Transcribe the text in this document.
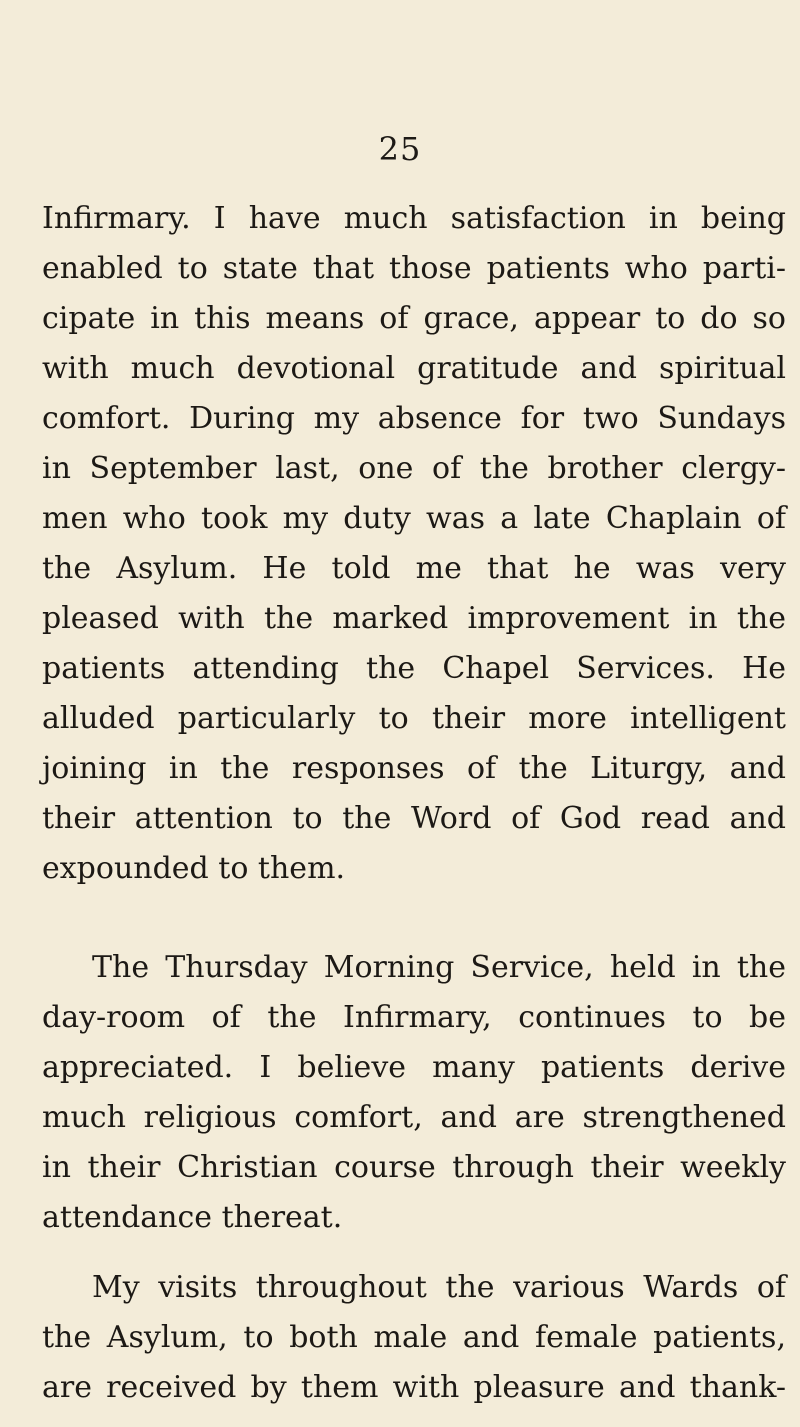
25
Infirmary. I have much satisfaction in being
enabled to state that those patients who parti-
cipate in this means of grace, appear to do so
with much devotional gratitude and spiritual
comfort. During my absence for two Sundays
in September last, one of the brother clergy-
men who took my duty was a late Chaplain of
the Asylum. He told me that he was very
pleased with the marked improvement in the
patients attending the Chapel Services. He
alluded particularly to their more intelligent
joining in the responses of the Liturgy, and
their attention to the Word of God read and
expounded to them.
The Thursday Morning Service, held in the
day-room of the Infirmary, continues to be
appreciated. I believe many patients derive
much religious comfort, and are strengthened
in their Christian course through their weekly
attendance thereat.
My visits throughout the various Wards of
the Asylum, to both male and female patients,
are received by them with pleasure and thank-
